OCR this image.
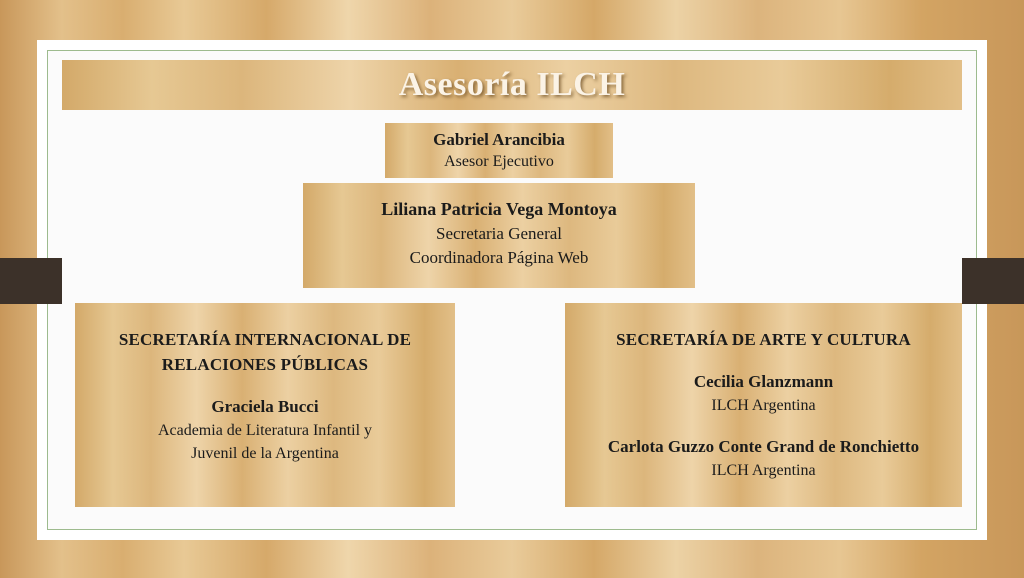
Asesoría ILCH
Gabriel Arancibia
Asesor Ejecutivo
Liliana Patricia Vega Montoya
Secretaria General
Coordinadora Página Web
SECRETARÍA INTERNACIONAL DE
RELACIONES PÚBLICAS
Graciela Bucci
Academia de Literatura Infantil y
Juvenil de la Argentina
SECRETARÍA DE ARTE Y CULTURA
Cecilia Glanzmann
ILCH Argentina
Carlota Guzzo Conte Grand de Ronchietto
ILCH Argentina
